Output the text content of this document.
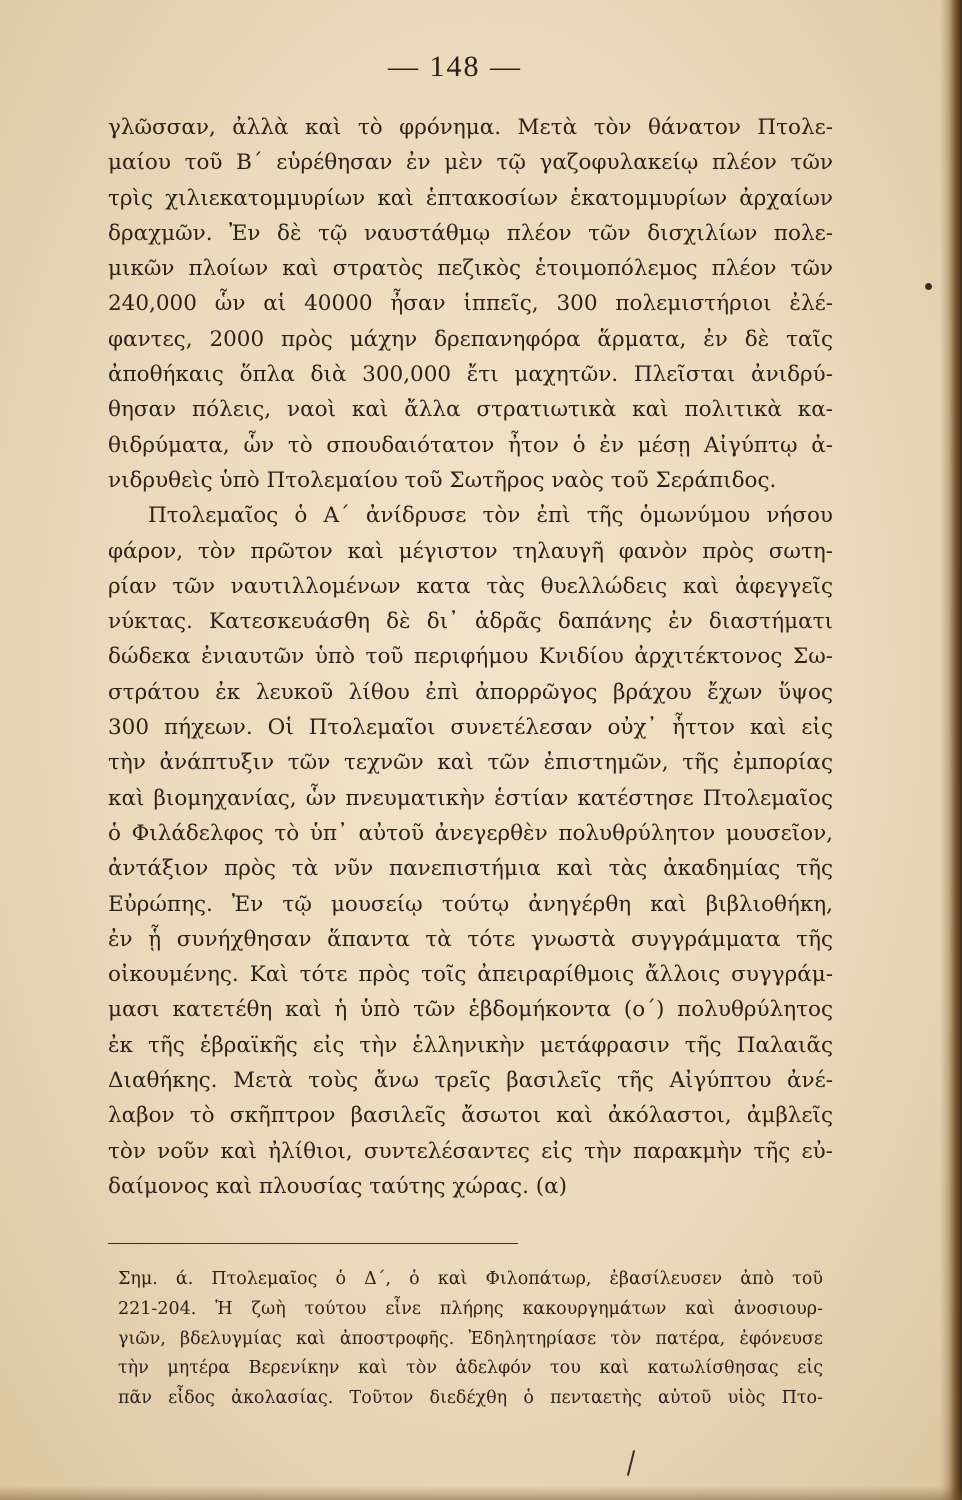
— 148 —
γλῶσσαν, ἀλλὰ καὶ τὸ φρόνημα. Μετὰ τὸν θάνατον Πτολε-
μαίου τοῦ Β΄ εὑρέθησαν ἐν μὲν τῷ γαζοφυλακείῳ πλέον τῶν
τρὶς χιλιεκατομμυρίων καὶ ἑπτακοσίων ἑκατομμυρίων ἀρχαίων
δραχμῶν. Ἐν δὲ τῷ ναυστάθμῳ πλέον τῶν δισχιλίων πολε-
μικῶν πλοίων καὶ στρατὸς πεζικὸς ἑτοιμοπόλεμος πλέον τῶν
240,000 ὧν αἱ 40000 ἦσαν ἱππεῖς, 300 πολεμιστήριοι ἐλέ-
φαντες, 2000 πρὸς μάχην δρεπανηφόρα ἅρματα, ἐν δὲ ταῖς
ἀποθήκαις ὅπλα διὰ 300,000 ἔτι μαχητῶν. Πλεῖσται ἀνιδρύ-
θησαν πόλεις, ναοὶ καὶ ἄλλα στρατιωτικὰ καὶ πολιτικὰ κα-
θιδρύματα, ὧν τὸ σπουδαιότατον ἦτον ὁ ἐν μέσῃ Αἰγύπτῳ ἀ-
νιδρυθεὶς ὑπὸ Πτολεμαίου τοῦ Σωτῆρος ναὸς τοῦ Σεράπιδος.
Πτολεμαῖος ὁ Α΄ ἀνίδρυσε τὸν ἐπὶ τῆς ὁμωνύμου νήσου
φάρον, τὸν πρῶτον καὶ μέγιστον τηλαυγῆ φανὸν πρὸς σωτη-
ρίαν τῶν ναυτιλλομένων κατα τὰς θυελλώδεις καὶ ἀφεγγεῖς
νύκτας. Κατεσκευάσθη δὲ δι᾽ ἁδρᾶς δαπάνης ἐν διαστήματι
δώδεκα ἐνιαυτῶν ὑπὸ τοῦ περιφήμου Κνιδίου ἀρχιτέκτονος Σω-
στράτου ἐκ λευκοῦ λίθου ἐπὶ ἀπορρῶγος βράχου ἔχων ὕψος
300 πήχεων. Οἱ Πτολεμαῖοι συνετέλεσαν οὐχ᾽ ἧττον καὶ εἰς
τὴν ἀνάπτυξιν τῶν τεχνῶν καὶ τῶν ἐπιστημῶν, τῆς ἐμπορίας
καὶ βιομηχανίας, ὧν πνευματικὴν ἑστίαν κατέστησε Πτολεμαῖος
ὁ Φιλάδελφος τὸ ὑπ᾽ αὐτοῦ ἀνεγερθὲν πολυθρύλητον μουσεῖον,
ἀντάξιον πρὸς τὰ νῦν πανεπιστήμια καὶ τὰς ἀκαδημίας τῆς
Εὐρώπης. Ἐν τῷ μουσείῳ τούτῳ ἀνηγέρθη καὶ βιβλιοθήκη,
ἐν ᾗ συνήχθησαν ἅπαντα τὰ τότε γνωστὰ συγγράμματα τῆς
οἰκουμένης. Καὶ τότε πρὸς τοῖς ἀπειραρίθμοις ἄλλοις συγγράμ-
μασι κατετέθη καὶ ἡ ὑπὸ τῶν ἑβδομήκοντα (ο΄) πολυθρύλητος
ἐκ τῆς ἑβραϊκῆς εἰς τὴν ἑλληνικὴν μετάφρασιν τῆς Παλαιᾶς
Διαθήκης. Μετὰ τοὺς ἄνω τρεῖς βασιλεῖς τῆς Αἰγύπτου ἀνέ-
λαβον τὸ σκῆπτρον βασιλεῖς ἄσωτοι καὶ ἀκόλαστοι, ἀμβλεῖς
τὸν νοῦν καὶ ἠλίθιοι, συντελέσαντες εἰς τὴν παρακμὴν τῆς εὐ-
δαίμονος καὶ πλουσίας ταύτης χώρας. (α)
Σημ. ά. Πτολεμαῖος ὁ Δ΄, ὁ καὶ Φιλοπάτωρ, ἐβασίλευσεν ἀπὸ τοῦ
221-204. Ἡ ζωὴ τούτου εἶνε πλήρης κακουργημάτων καὶ ἀνοσιουρ-
γιῶν, βδελυγμίας καὶ ἀποστροφῆς. Ἐδηλητηρίασε τὸν πατέρα, ἐφόνευσε
τὴν μητέρα Βερενίκην καὶ τὸν ἀδελφόν του καὶ κατωλίσθησας εἰς
πᾶν εἶδος ἀκολασίας. Τοῦτον διεδέχθη ὁ πενταετὴς αὐτοῦ υἱὸς Πτο-
